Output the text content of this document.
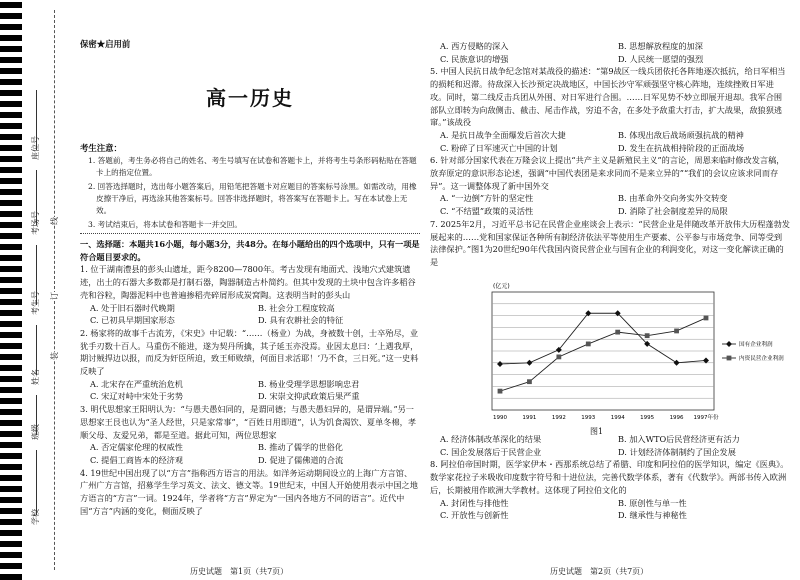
座位号
考场号
考生号
姓名
班级
学校
线
订
装
保密★启用前
高一历史
考生注意：

1. 答题前，考生务必将自己的姓名、考生号填写在试卷和答题卡上，并将考生号条形码粘贴在答题卡上的指定位置。

2. 回答选择题时，选出每小题答案后，用铅笔把答题卡对应题目的答案标号涂黑。如需改动，用橡皮擦干净后，再选涂其他答案标号。回答非选择题时，将答案写在答题卡上。写在本试卷上无效。

3. 考试结束后，将本试卷和答题卡一并交回。

一、选择题：本题共16小题，每小题3分，共48分。在每小题给出的四个选项中，只有一项是符合题目要求的。

1. 位于湖南澧县的彭头山遗址，距今8200—7800年。考古发现有地面式、浅地穴式建筑遗迹，出土的石器大多数都是打制石器，陶器制造古朴简约。但其中发现的土块中包含许多稻谷壳和谷粒，陶器泥料中也普遍掺稻壳碎屑形成炭窝陶。这表明当时的彭头山

A. 处于旧石器时代晚期	B. 社会分工程度较高
C. 已初具早期国家形态	D. 具有农耕社会的特征

2. 杨家将的故事千古流芳，《宋史》中记载：“……（杨业）为战，身被数十创，士卒殆尽，业犹手刃数十百人。马重伤不能进，遂为契丹所擒，其子延玉亦没焉。业因太息曰：‘上遇我厚，期讨贼捍边以报，而反为奸臣所迫，致王师败绩，何面目求活耶！’乃不食，三日死。”这一史料反映了

A. 北宋存在严重统治危机	B. 杨业受理学思想影响忠君
C. 宋辽对峙中宋处于劣势	D. 宋崇文抑武政策后果严重

3. 明代思想家王阳明认为：“与愚夫愚妇同的，是谓同德；与愚夫愚妇异的，是谓异端。”另一思想家王艮也认为“圣人经世，只是家常事”，“百姓日用即道”，认为饥食渴饮、夏单冬棉，孝顺父母、友爱兄弟，都是至道。据此可知，两位思想家

A. 否定儒家伦理的权威性	B. 推动了儒学的世俗化
C. 提倡工商皆本的经济观	D. 促进了儒佛道的合流

4. 19世纪中国出现了以“方言”指称西方语言的用法。如洋务运动期间设立的上海广方言馆、广州广方言馆，招募学生学习英文、法文、德文等。19世纪末，中国人开始使用表示中国之地方语言的“方言”一词。1924年，学者将“方言”界定为“一国内各地方不同的语言”。近代中国“方言”内涵的变化，侧面反映了

历史试题　第1页（共7页）
A. 西方侵略的深入	B. 思想解放程度的加深
C. 民族意识的增强	D. 人民统一愿望的强烈

5. 中国人民抗日战争纪念馆对某战役的描述：“第9战区一线兵团依托各阵地逐次抵抗，给日军相当的损耗和迟滞。待敌深入长沙预定决战地区，中国长沙守军顽强坚守核心阵地，连续挫败日军进攻。同时，第二线反击兵团从外围、对日军进行合围。……日军见势不妙立即展开退却。我军合围部队立即转为向敌侧击、截击、尾击作战，穷追不舍，在多处予敌重大打击，扩大战果，敌狼狈逃窜。”该战役

A. 是抗日战争全面爆发后首次大捷	B. 体现出敌后战场顽强抗战的精神
C. 粉碎了日军速灭亡中国的计划	D. 发生在抗战相持阶段的正面战场

6. 针对部分国家代表在万隆会议上提出“共产主义是新殖民主义”的言论，周恩来临时修改发言稿，放弃原定的意识形态论述，强调“中国代表团是来求同而不是来立异的”“我们的会议应该求同而存异”。这一调整体现了新中国外交

A. “一边倒”方针的坚定性	B. 由革命外交向务实外交转变
C. “不结盟”政策的灵活性	D. 消除了社会制度差异的局限

7. 2025年2月，习近平总书记在民营企业座谈会上表示：“民营企业是伴随改革开放伟大历程蓬勃发展起来的……党和国家保证各种所有制经济依法平等使用生产要素、公平参与市场竞争、同等受到法律保护。”图1为20世纪90年代我国内资民营企业与国有企业的利润变化，对这一变化解读正确的是

A. 经济体制改革深化的结果	B. 加入WTO后民营经济更有活力
C. 国企发展落后于民营企业	D. 计划经济体制制约了国企发展

8. 阿拉伯帝国时期，医学家伊本・西那系统总结了希腊、印度和阿拉伯的医学知识，编定《医典》。数学家花拉子米吸收印度数字符号和十进位法，完善代数学体系，著有《代数学》。两部书传入欧洲后，长期被用作欧洲大学教材。这体现了阿拉伯文化的

A. 封闭性与排他性	B. 原创性与单一性
C. 开放性与创新性	D. 继承性与神秘性
历史试题　第2页（共7页）
(亿元)
1990	1991	1992	1993	1994	1995	1996 1997年份
国有企业利润
内资民营企业利润
图1
